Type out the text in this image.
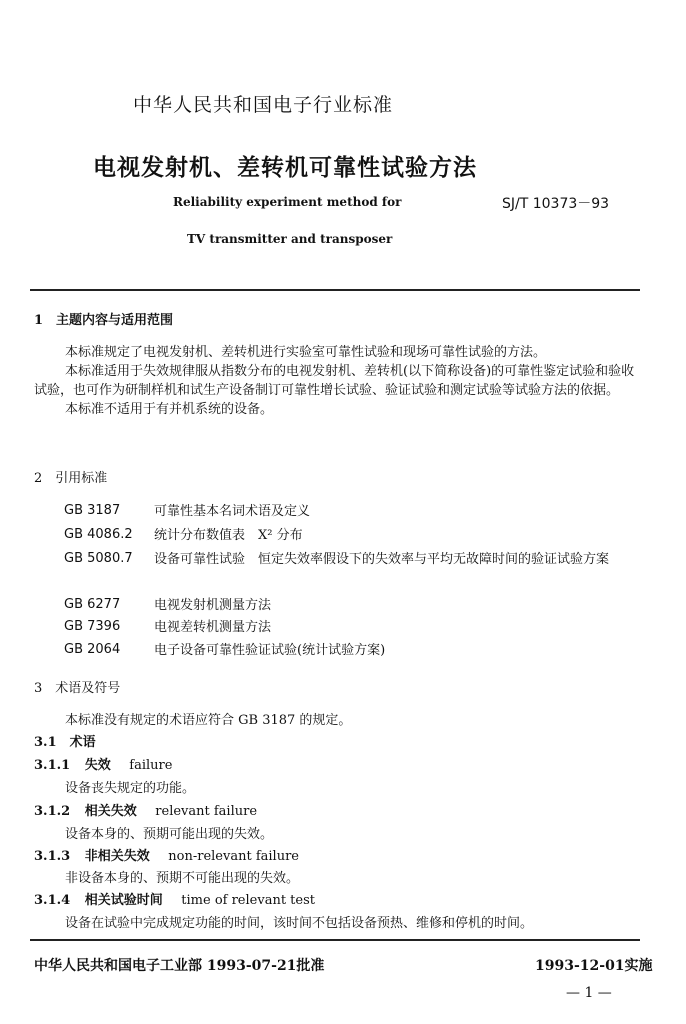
中华人民共和国电子行业标准
电视发射机、差转机可靠性试验方法
Reliability experiment method for	SJ/T 10373－93
TV transmitter and transposer
1　主题内容与适用范围
本标准规定了电视发射机、差转机进行实验室可靠性试验和现场可靠性试验的方法。
本标准适用于失效规律服从指数分布的电视发射机、差转机(以下简称设备)的可靠性鉴定试验和验收试验，也可作为研制样机和试生产设备制订可靠性增长试验、验证试验和测定试验等试验方法的依据。
本标准不适用于有并机系统的设备。
2　引用标准
GB 3187	可靠性基本名词术语及定义
GB 4086.2 统计分布数值表　X² 分布
GB 5080.7 设备可靠性试验　恒定失效率假设下的失效率与平均无故障时间的验证试验方案
GB 6277	电视发射机测量方法
GB 7396	电视差转机测量方法
GB 2064	电子设备可靠性验证试验(统计试验方案)
3　术语及符号
本标准没有规定的术语应符合 GB 3187 的规定。
3.1　术语
3.1.1 失效 failure
设备丧失规定的功能。
3.1.2 相关失效 relevant failure
设备本身的、预期可能出现的失效。
3.1.3 非相关失效 non-relevant failure
非设备本身的、预期不可能出现的失效。
3.1.4 相关试验时间 time of relevant test
设备在试验中完成规定功能的时间，该时间不包括设备预热、维修和停机的时间。
中华人民共和国电子工业部 1993-07-21批准	1993-12-01实施
— 1 —
